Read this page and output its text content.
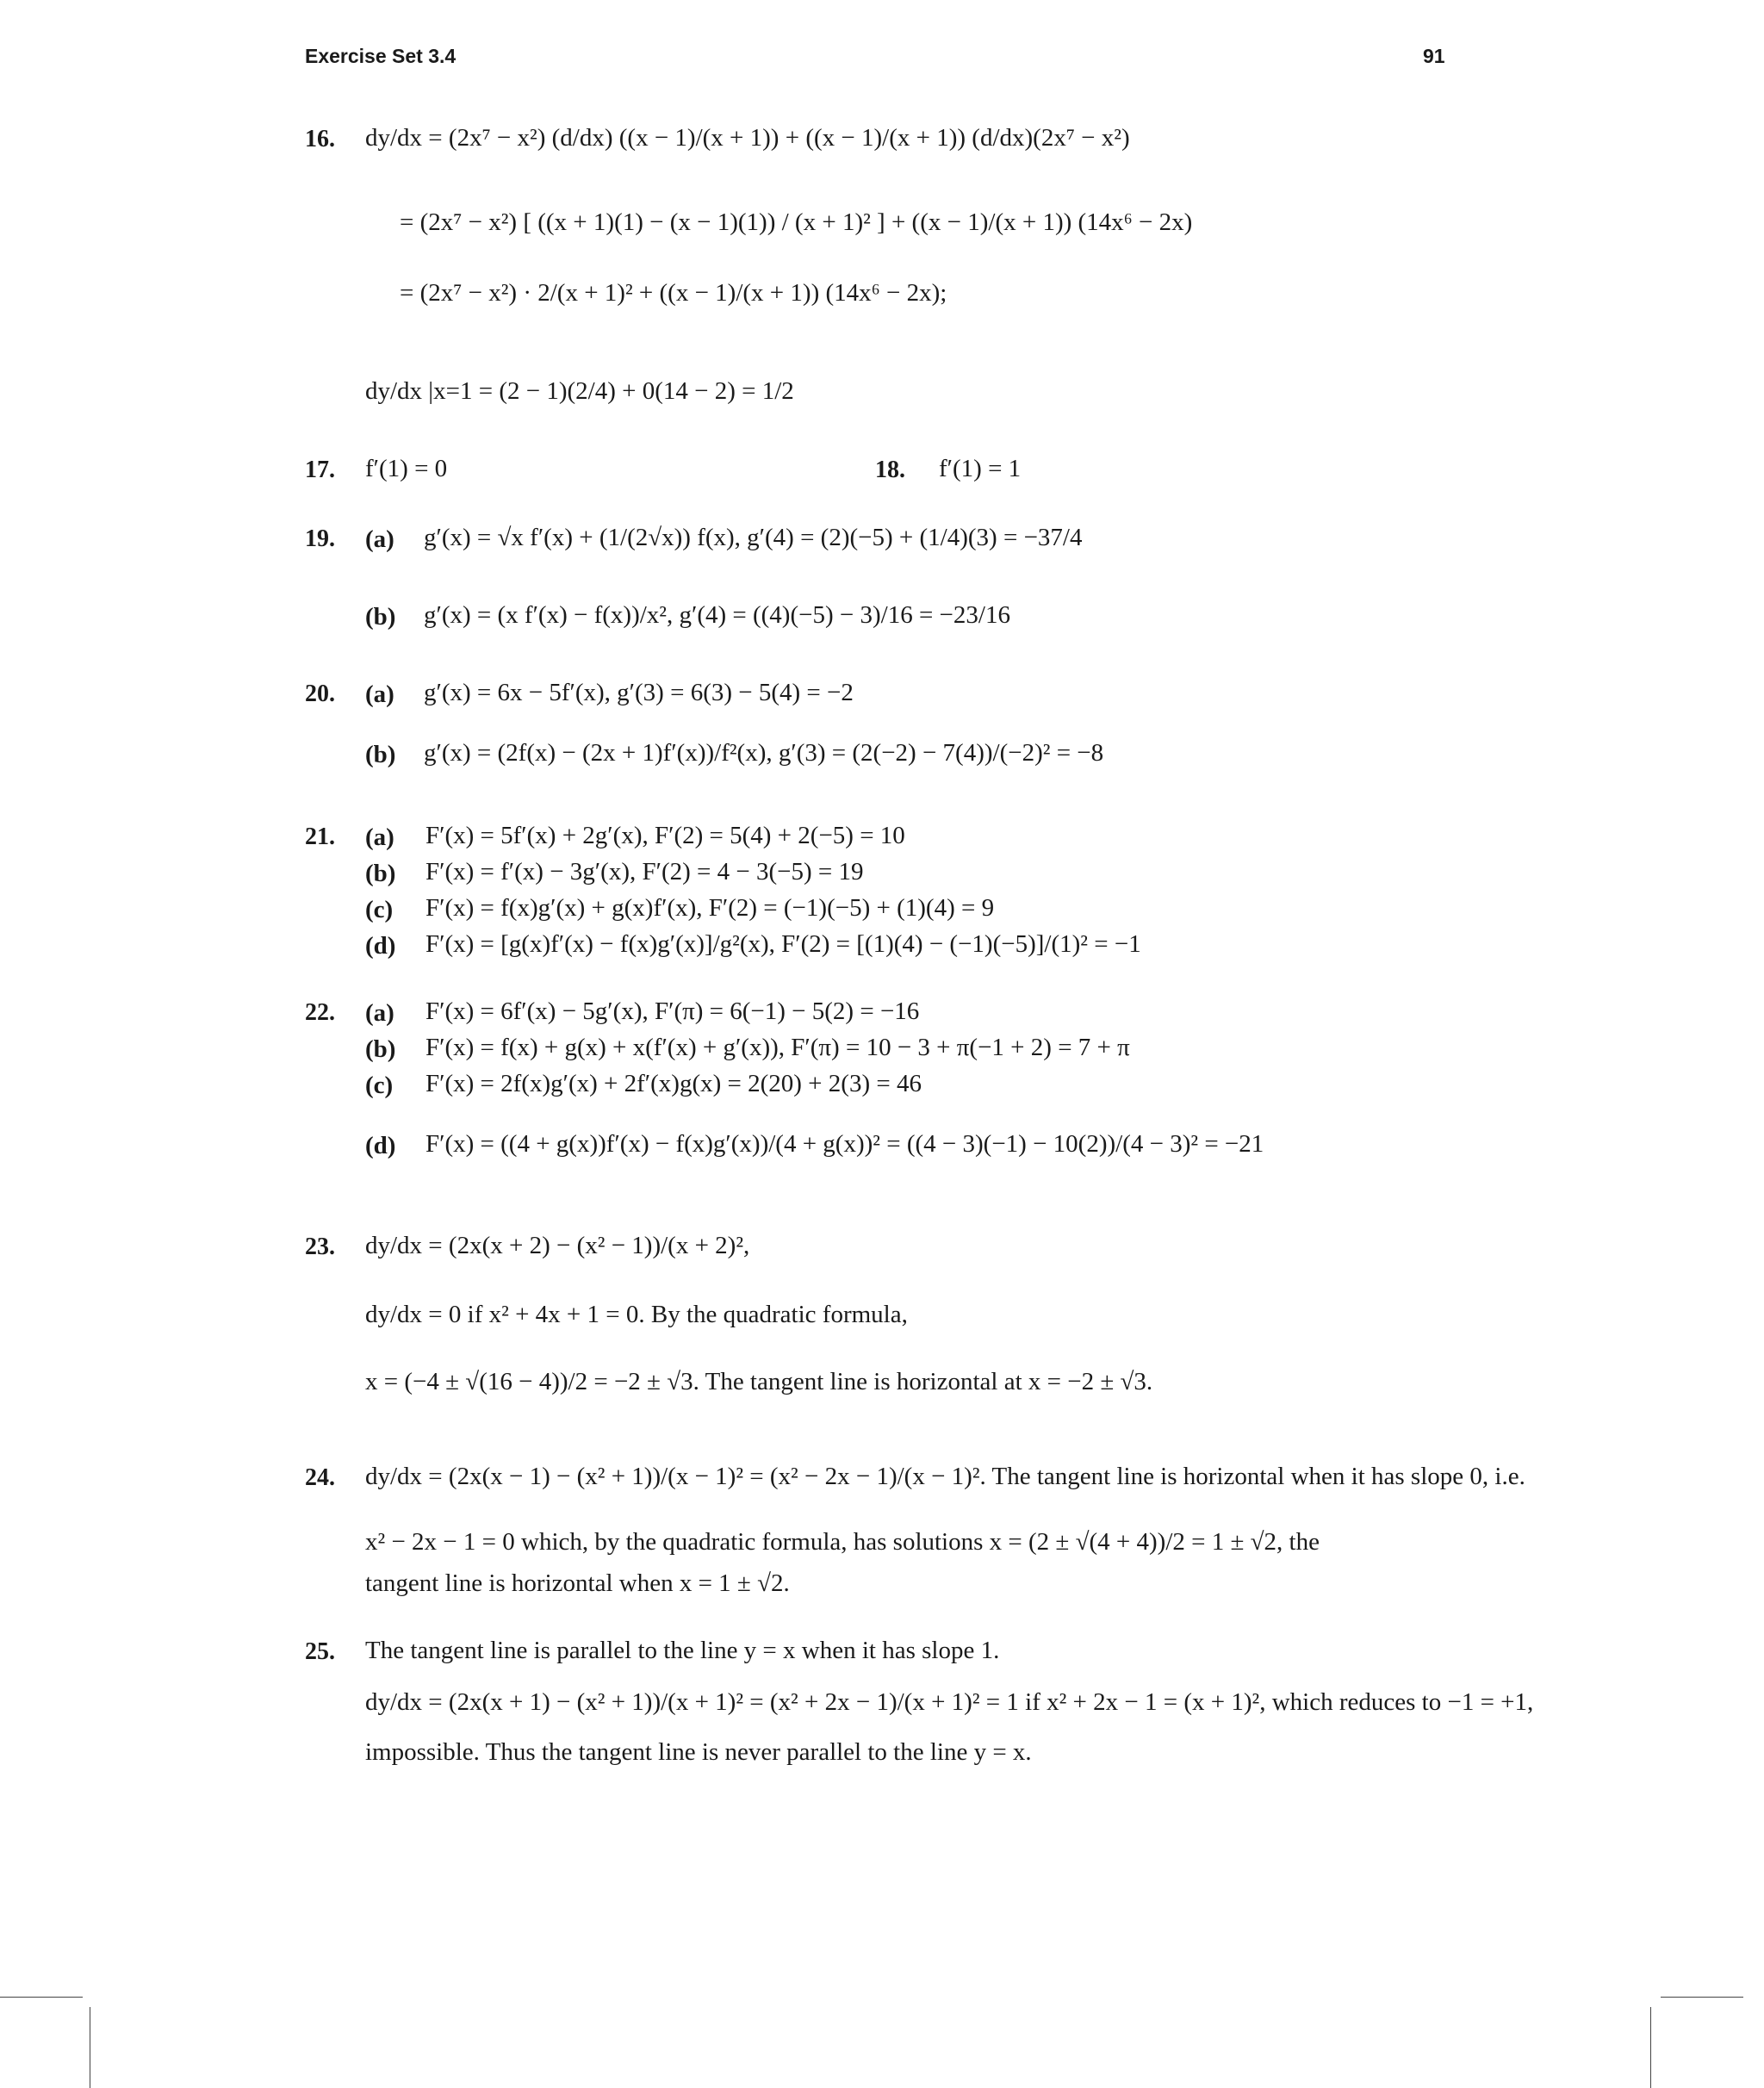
Exercise Set 3.4	91
16. dy/dx = (2x⁷ − x²) (d/dx) ((x − 1)/(x + 1)) + ((x − 1)/(x + 1)) (d/dx)(2x⁷ − x²)
= (2x⁷ − x²) [ ((x + 1)(1) − (x − 1)(1)) / (x + 1)² ] + ((x − 1)/(x + 1)) (14x⁶ − 2x)
= (2x⁷ − x²) · 2/(x + 1)² + ((x − 1)/(x + 1)) (14x⁶ − 2x);
dy/dx |x=1 = (2 − 1)(2/4) + 0(14 − 2) = 1/2
17. f′(1) = 0	18. f′(1) = 1
19. (a) g′(x) = √x f′(x) + (1/(2√x)) f(x), g′(4) = (2)(−5) + (1/4)(3) = −37/4
(b) g′(x) = (x f′(x) − f(x))/x², g′(4) = ((4)(−5) − 3)/16 = −23/16
20. (a) g′(x) = 6x − 5f′(x), g′(3) = 6(3) − 5(4) = −2
(b) g′(x) = (2f(x) − (2x + 1)f′(x))/f²(x), g′(3) = (2(−2) − 7(4))/(−2)² = −8
21. (a) F′(x) = 5f′(x) + 2g′(x), F′(2) = 5(4) + 2(−5) = 10
(b) F′(x) = f′(x) − 3g′(x), F′(2) = 4 − 3(−5) = 19
(c) F′(x) = f(x)g′(x) + g(x)f′(x), F′(2) = (−1)(−5) + (1)(4) = 9
(d) F′(x) = [g(x)f′(x) − f(x)g′(x)]/g²(x), F′(2) = [(1)(4) − (−1)(−5)]/(1)² = −1
22. (a) F′(x) = 6f′(x) − 5g′(x), F′(π) = 6(−1) − 5(2) = −16
(b) F′(x) = f(x) + g(x) + x(f′(x) + g′(x)), F′(π) = 10 − 3 + π(−1 + 2) = 7 + π
(c) F′(x) = 2f(x)g′(x) + 2f′(x)g(x) = 2(20) + 2(3) = 46
(d) F′(x) = ((4 + g(x))f′(x) − f(x)g′(x))/(4 + g(x))² = ((4 − 3)(−1) − 10(2))/(4 − 3)² = −21
23. dy/dx = (2x(x + 2) − (x² − 1))/(x + 2)²,
dy/dx = 0 if x² + 4x + 1 = 0. By the quadratic formula,
x = (−4 ± √(16 − 4))/2 = −2 ± √3. The tangent line is horizontal at x = −2 ± √3.
24. dy/dx = (2x(x − 1) − (x² + 1))/(x − 1)² = (x² − 2x − 1)/(x − 1)². The tangent line is horizontal when it has slope 0, i.e.
x² − 2x − 1 = 0 which, by the quadratic formula, has solutions x = (2 ± √(4 + 4))/2 = 1 ± √2, the
tangent line is horizontal when x = 1 ± √2.
25. The tangent line is parallel to the line y = x when it has slope 1.
dy/dx = (2x(x + 1) − (x² + 1))/(x + 1)² = (x² + 2x − 1)/(x + 1)² = 1 if x² + 2x − 1 = (x + 1)², which reduces to −1 = +1,
impossible. Thus the tangent line is never parallel to the line y = x.
